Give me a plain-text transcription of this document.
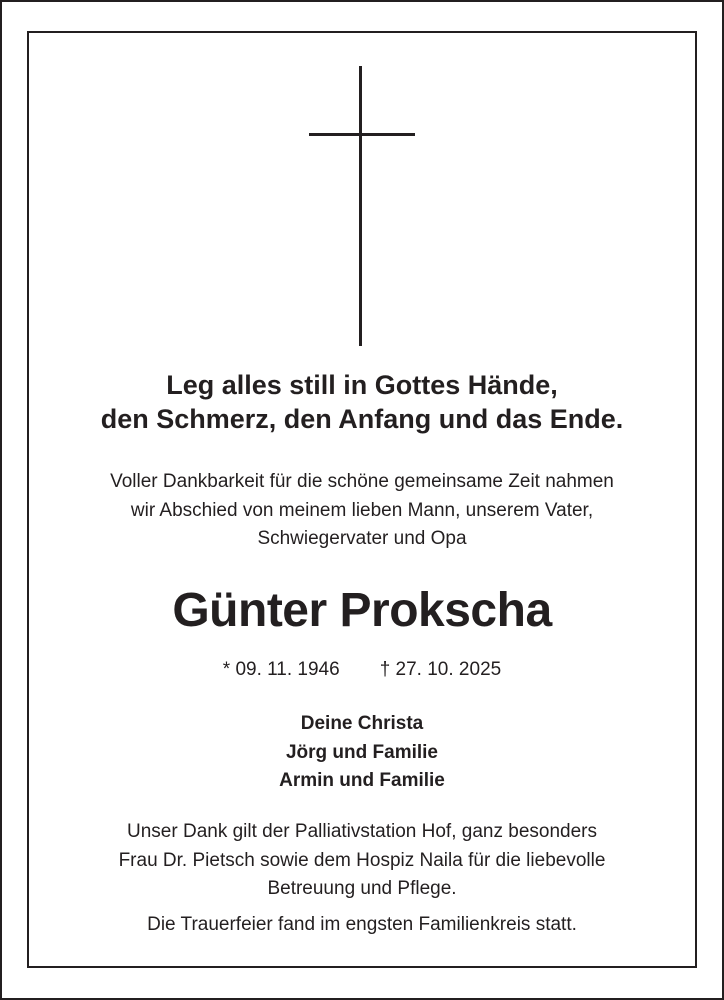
Leg alles still in Gottes Hände,
den Schmerz, den Anfang und das Ende.
Voller Dankbarkeit für die schöne gemeinsame Zeit nahmen
wir Abschied von meinem lieben Mann, unserem Vater,
Schwiegervater und Opa
Günter Prokscha
* 09. 11. 1946 † 27. 10. 2025
Deine Christa
Jörg und Familie
Armin und Familie
Unser Dank gilt der Palliativstation Hof, ganz besonders
Frau Dr. Pietsch sowie dem Hospiz Naila für die liebevolle
Betreuung und Pflege.
Die Trauerfeier fand im engsten Familienkreis statt.
